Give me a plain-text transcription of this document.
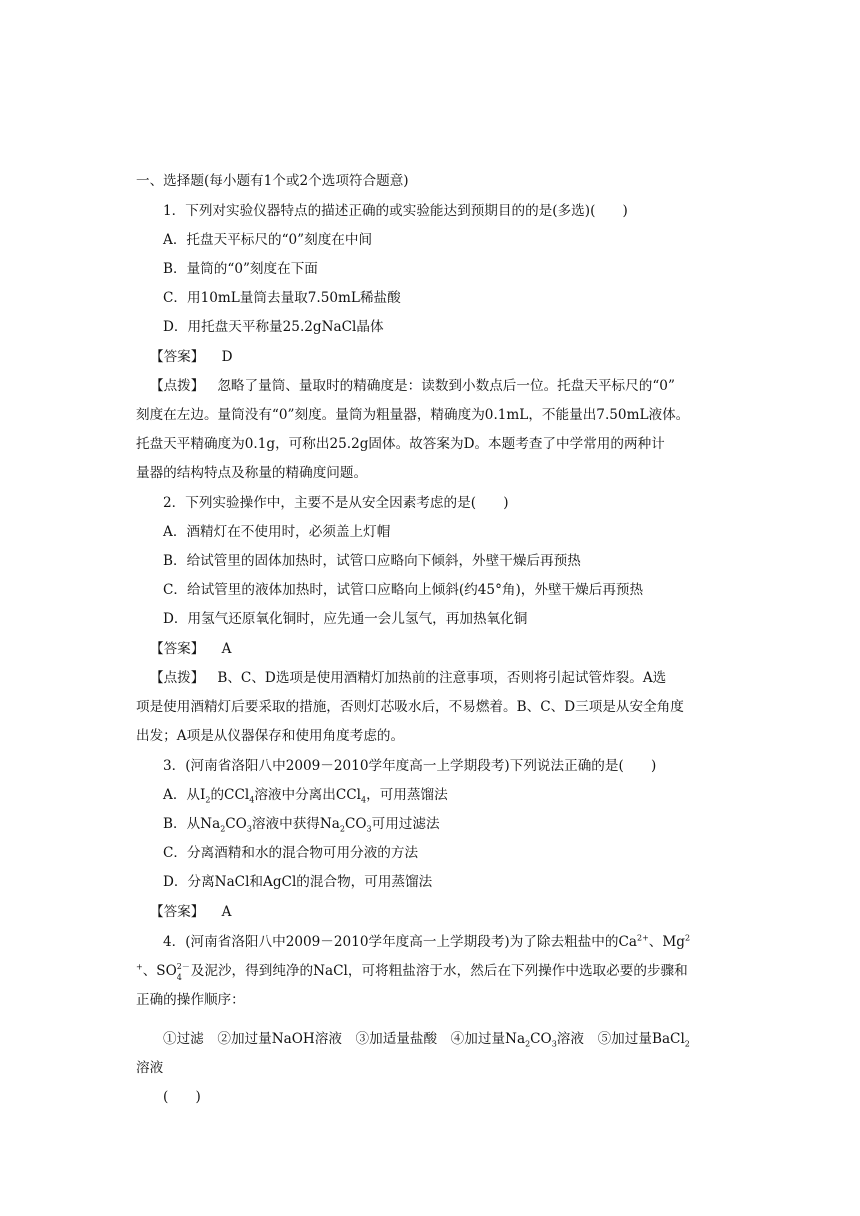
一、选择题(每小题有1个或2个选项符合题意)
1．下列对实验仪器特点的描述正确的或实验能达到预期目的的是(多选)(　　)
A．托盘天平标尺的“0”刻度在中间
B．量筒的“0”刻度在下面
C．用10mL量筒去量取7.50mL稀盐酸
D．用托盘天平称量25.2gNaCl晶体
【答案】 D
【点拨】 忽略了量筒、量取时的精确度是：读数到小数点后一位。托盘天平标尺的“0”
刻度在左边。量筒没有“0”刻度。量筒为粗量器，精确度为0.1mL，不能量出7.50mL液体。
托盘天平精确度为0.1g，可称出25.2g固体。故答案为D。本题考查了中学常用的两种计
量器的结构特点及称量的精确度问题。
2．下列实验操作中，主要不是从安全因素考虑的是(　　)
A．酒精灯在不使用时，必须盖上灯帽
B．给试管里的固体加热时，试管口应略向下倾斜，外壁干燥后再预热
C．给试管里的液体加热时，试管口应略向上倾斜(约45°角)，外壁干燥后再预热
D．用氢气还原氧化铜时，应先通一会儿氢气，再加热氧化铜
【答案】 A
【点拨】 B、C、D选项是使用酒精灯加热前的注意事项，否则将引起试管炸裂。A选
项是使用酒精灯后要采取的措施，否则灯芯吸水后，不易燃着。B、C、D三项是从安全角度
出发；A项是从仪器保存和使用角度考虑的。
3．(河南省洛阳八中2009－2010学年度高一上学期段考)下列说法正确的是(　　)
A．从$I_2$的CCl$_4$溶液中分离出CCl$_4$，可用蒸馏法
B．从$Na_2CO_3$溶液中获得$Na_2CO_3$可用过滤法
C．分离酒精和水的混合物可用分液的方法
D．分离NaCl和AgCl的混合物，可用蒸馏法
【答案】 A
4．(河南省洛阳八中2009－2010学年度高一上学期段考)为了除去粗盐中的$Ca^{2+}$、Mg$^2$
+、SO 2－
4 及泥沙，得到纯净的NaCl，可将粗盐溶于水，然后在下列操作中选取必要的步骤和
正确的操作顺序：
①过滤　②加过量NaOH溶液　③加适量盐酸　④加过量$Na_2CO_3$溶液　⑤加过量BaCl$_2$
溶液
(　　)
